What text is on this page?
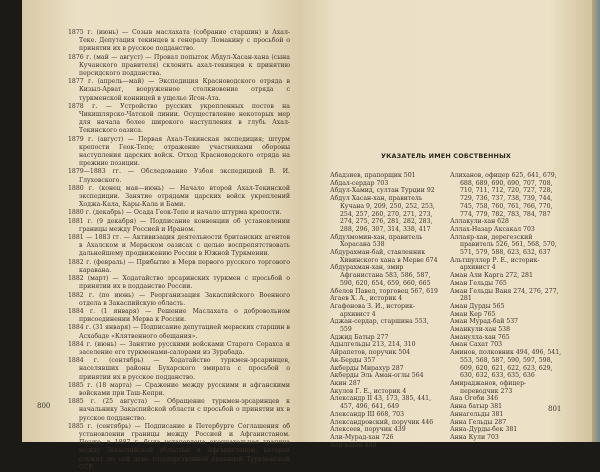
1875 г. (июнь) — Созыв маслахата (собрание старшин) в Ахал-Теке. Депутация текинцев к генералу Ломакину с просьбой о принятии их в русское подданство.

1876 г. (май — август) — Провал попыток Абдул-Хасан-хана (сына Кучанского правителя) склонить ахал-текинцев к принятию персидского подданства.

1877 г. (апрель—май) — Экспедиция Красноводского отряда в Кизыл-Арват, вооруженное столкновение отряда с туркменской конницей в ущелье Ягон-Ата.

1878 г. — Устройство русских укрепленных постов на Чикишлярско-Чатской линии. Осуществление некоторых мер для начала более широкого наступления в глубь Ахал-Текинского оазиса.

1879 г. (август) — Первая Ахал-Текинская экспедиция; штурм крепости Геок-Тепе; отражение участниками обороны наступления царских войск. Отход Красноводского отряда на прежние позиции.

1879—1883 гг. — Обследование Узбоя экспедицией В. И. Глуховского.

1880 г. (конец мая—июнь) — Начало второй Ахал-Текинской экспедиции. Занятие отрядами царских войск укреплений Ходжа-Кала, Кары-Кала и Бами.

1880 г. (декабрь) — Осада Геок-Тепе и начало штурма крепости.

1881 г. (9 декабря) — Подписание конвенции об установлении границы между Россией и Ираном.

1881 — 1883 гг. — Активизация деятельности британских агентов в Ахалском и Мервском оазисах с целью воспрепятствовать дальнейшему продвижению России в Южной Туркмении.

1882 г. (февраль) — Прибытие в Мерв первого русского торгового каравана.

1882 (март) — Ходатайство эрсаринских туркмен с просьбой о принятии их в подданство России.

1882 г. (по июнь) — Реорганизация Закаспийского Военного отдела в Закаспийскую область.

1884 г. (1 января) — Решение Маслахата о добровольном присоединении Мерва к России.

1884 г. (31 января) — Подписание депутацией мервских старшин в Асхабаде «Клятвенного обещания».

1884 г. (июнь) — Занятие русскими войсками Старого Серахса и заселение его туркменами-салорами из Зурабада.

1884 г. (сентябрь) — Ходатайство туркмен-эрсаринцев, населявших районы Бухарского эмирата с просьбой о принятии их в русское подданство.

1885 г. (18 марта) — Сражение между русскими и афганскими войсками при Таш-Кепри.

1885 г. (25 августа) — Обращение туркмен-эрсаринцев к начальнику Закаспийской области с просьбой о принятии их в русское подданство.

1885 г. (сентябрь) — Подписание в Петербурге Соглашения об установлении границы между Россией и Афганистаном. Позже, в 1887 г. была установлена окончательная граница между Закаспийской областью и Афганистаном, которая служит по сей день государственной границей Туркменской ССР.

800
УКАЗАТЕЛЬ ИМЕН СОБСТВЕННЫХ

Абадзиев, прапорщик 501

Абдал-сердар 703

Абдул-Хамид, султан Турции 92

Абдул Хасан-хан, правитель Кучана 9, 209, 250, 252, 253, 254, 257, 260, 270, 271, 273, 274, 275, 276, 281, 282, 283, 288, 296, 307, 314, 338, 417

Абдулмомин-хан, правитель Хорасана 538

Абдурахман-бай, ставленник Хивинского хана в Мерве 674

Абдурахман-хан, эмир Афганистана 583, 586, 587, 590, 620, 654, 659, 660, 665

Абелов Павел, торговец 567, 619

Агаев Х. А., историк 4

Агафонова З. И., историк-архивист 4

Аджан-сердар, старшина 553, 559

Аджид Батыр 277

Адылгельды 213, 214, 310

Айрапетов, поручик 504

Ак-Берды 357

Акберды Мирахур 287

Акберды Эль Аман-оглы 564

Акин 287

Акулов Г. Е., историк 4

Александр II 43, 173, 385, 441, 457, 496, 641, 649

Александр III 668, 703

Александровский, поручик 446

Алексеев, поручик 439

Али-Мурад-хан 726

Али-ишан 480

Алиханов, офицер 625, 641, 679, 688, 689, 690, 690, 707, 708, 710, 711, 712, 720, 727, 728, 729, 736, 737, 738, 739, 744, 745, 758, 760, 761, 766, 770, 774, 779, 782, 783, 784, 787

Аллакули-хан 628

Аллах-Назар Аксакал 703

Аллаяр-хан, дерегезский правитель 526, 561, 568, 570, 571, 579, 588, 623, 632, 637

Альтшуллер Р. Е., историк-архивист 4

Аман Али Карга 272, 281

Аман Гельды 765

Аман Гельды Ваня 274, 276, 277, 281

Аман Дурды 565

Аман Кер 765

Аман Мурад-бай 537

Аманкули-хан 538

Аманулла-хан 765

Аман Сахат 703

Аминов, полковник 494, 496, 541, 553, 568, 587, 590, 597, 598, 609, 620, 621, 622, 623, 629, 630, 632, 633, 635, 636

Амираджанов, офицер-переводчик 273

Ана Огоби 346

Анна батыр 381

Аннагельды 381

Анна Гельды 287

Анна-Дурды-бек 381

Анна Кули 703

801
